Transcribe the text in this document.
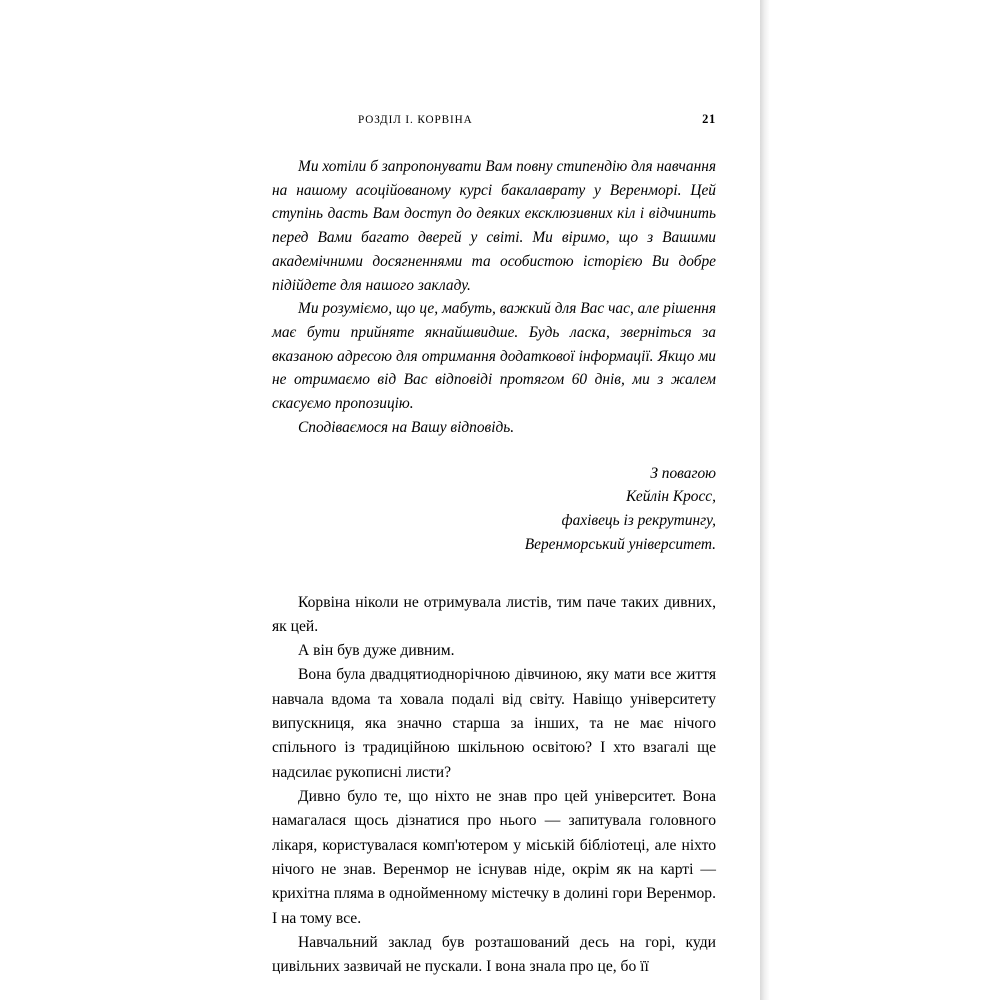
РОЗДІЛ I. КОРВІНА	21

Ми хотіли б запропонувати Вам повну стипендію для навчання на нашому асоційованому курсі бакалаврату у Веренморі. Цей ступінь дасть Вам доступ до деяких ексклюзивних кіл і відчинить перед Вами багато дверей у світі. Ми віримо, що з Вашими академічними досягненнями та особистою історією Ви добре підійдете для нашого закладу.

Ми розуміємо, що це, мабуть, важкий для Вас час, але рішення має бути прийняте якнайшвидше. Будь ласка, зверніться за вказаною адресою для отримання додаткової інформації. Якщо ми не отримаємо від Вас відповіді протягом 60 днів, ми з жалем скасуємо пропозицію.

Сподіваємося на Вашу відповідь.

З повагою

Кейлін Кросс,

фахівець із рекрутингу,

Веренморський університет.

Корвіна ніколи не отримувала листів, тим паче таких дивних, як цей.

А він був дуже дивним.

Вона була двадцятиоднорічною дівчиною, яку мати все життя навчала вдома та ховала подалі від світу. Навіщо університету випускниця, яка значно старша за інших, та не має нічого спільного із традиційною шкільною освітою? І хто взагалі ще надсилає рукописні листи?

Дивно було те, що ніхто не знав про цей університет. Вона намагалася щось дізнатися про нього — запитувала головного лікаря, користувалася комп'ютером у міській бібліотеці, але ніхто нічого не знав. Веренмор не існував ніде, окрім як на карті — крихітна пляма в однойменному містечку в долині гори Веренмор. І на тому все.

Навчальний заклад був розташований десь на горі, куди цивільних зазвичай не пускали. І вона знала про це, бо її
